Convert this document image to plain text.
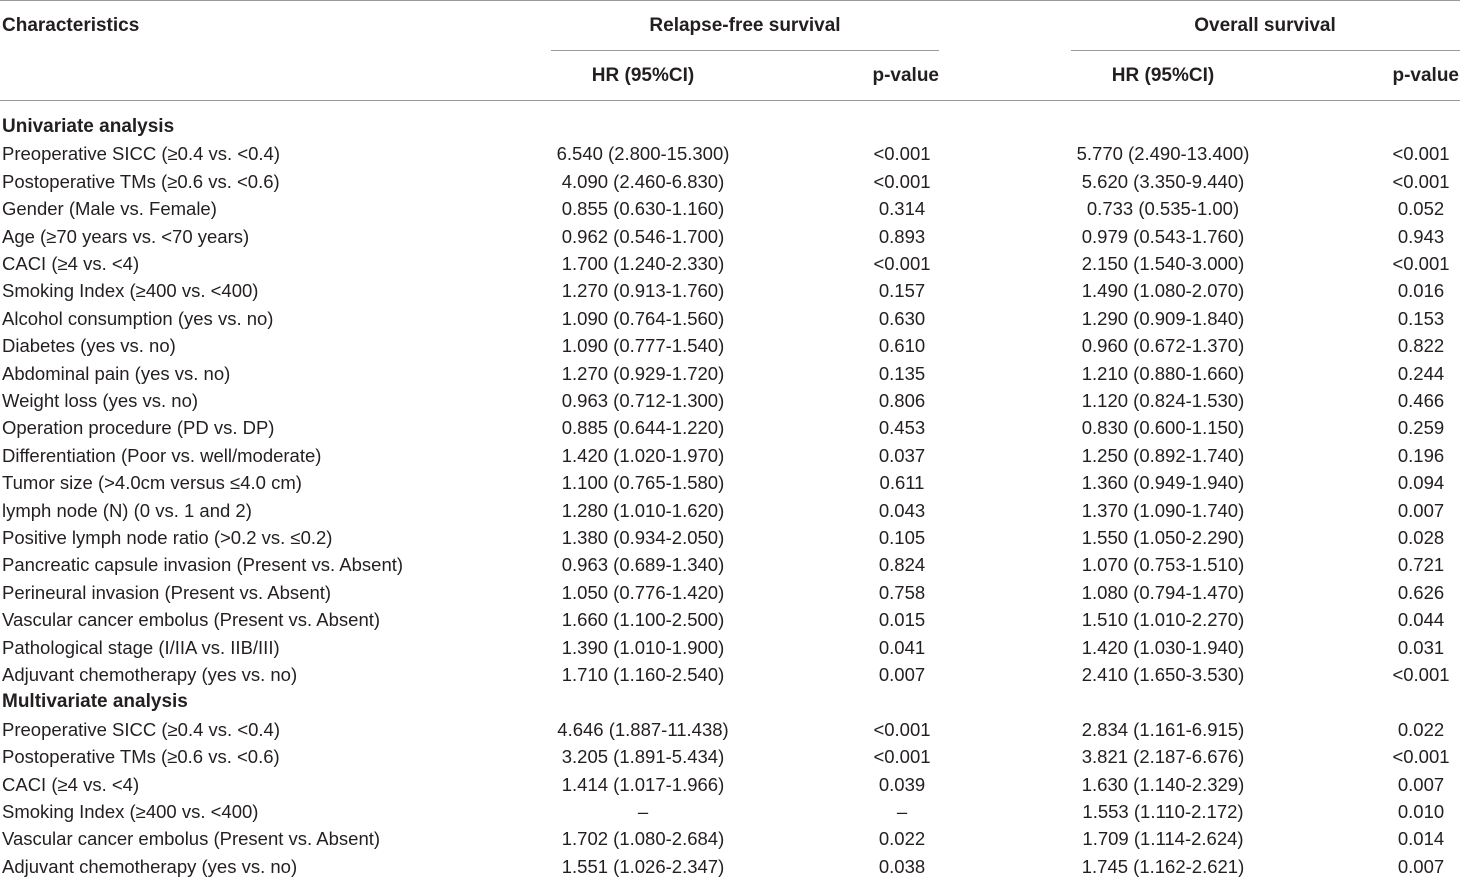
Characteristics	Relapse-free survival	Overall survival
HR (95%CI)	p-value	HR (95%CI)	p-value
Univariate analysis
Preoperative SICC (≥0.4 vs. <0.4)	6.540 (2.800-15.300)	<0.001	5.770 (2.490-13.400)	<0.001
Postoperative TMs (≥0.6 vs. <0.6)	4.090 (2.460-6.830)	<0.001	5.620 (3.350-9.440)	<0.001
Gender (Male vs. Female)	0.855 (0.630-1.160)	0.314	0.733 (0.535-1.00)	0.052
Age (≥70 years vs. <70 years)	0.962 (0.546-1.700)	0.893	0.979 (0.543-1.760)	0.943
CACI (≥4 vs. <4)	1.700 (1.240-2.330)	<0.001	2.150 (1.540-3.000)	<0.001
Smoking Index (≥400 vs. <400)	1.270 (0.913-1.760)	0.157	1.490 (1.080-2.070)	0.016
Alcohol consumption (yes vs. no)	1.090 (0.764-1.560)	0.630	1.290 (0.909-1.840)	0.153
Diabetes (yes vs. no)	1.090 (0.777-1.540)	0.610	0.960 (0.672-1.370)	0.822
Abdominal pain (yes vs. no)	1.270 (0.929-1.720)	0.135	1.210 (0.880-1.660)	0.244
Weight loss (yes vs. no)	0.963 (0.712-1.300)	0.806	1.120 (0.824-1.530)	0.466
Operation procedure (PD vs. DP)	0.885 (0.644-1.220)	0.453	0.830 (0.600-1.150)	0.259
Differentiation (Poor vs. well/moderate)	1.420 (1.020-1.970)	0.037	1.250 (0.892-1.740)	0.196
Tumor size (>4.0cm versus ≤4.0 cm)	1.100 (0.765-1.580)	0.611	1.360 (0.949-1.940)	0.094
lymph node (N) (0 vs. 1 and 2)	1.280 (1.010-1.620)	0.043	1.370 (1.090-1.740)	0.007
Positive lymph node ratio (>0.2 vs. ≤0.2)	1.380 (0.934-2.050)	0.105	1.550 (1.050-2.290)	0.028
Pancreatic capsule invasion (Present vs. Absent)	0.963 (0.689-1.340)	0.824	1.070 (0.753-1.510)	0.721
Perineural invasion (Present vs. Absent)	1.050 (0.776-1.420)	0.758	1.080 (0.794-1.470)	0.626
Vascular cancer embolus (Present vs. Absent)	1.660 (1.100-2.500)	0.015	1.510 (1.010-2.270)	0.044
Pathological stage (I/IIA vs. IIB/III)	1.390 (1.010-1.900)	0.041	1.420 (1.030-1.940)	0.031
Adjuvant chemotherapy (yes vs. no)	1.710 (1.160-2.540)	0.007	2.410 (1.650-3.530)	<0.001
Multivariate analysis
Preoperative SICC (≥0.4 vs. <0.4)	4.646 (1.887-11.438)	<0.001	2.834 (1.161-6.915)	0.022
Postoperative TMs (≥0.6 vs. <0.6)	3.205 (1.891-5.434)	<0.001	3.821 (2.187-6.676)	<0.001
CACI (≥4 vs. <4)	1.414 (1.017-1.966)	0.039	1.630 (1.140-2.329)	0.007
Smoking Index (≥400 vs. <400)	–	–	1.553 (1.110-2.172)	0.010
Vascular cancer embolus (Present vs. Absent)	1.702 (1.080-2.684)	0.022	1.709 (1.114-2.624)	0.014
Adjuvant chemotherapy (yes vs. no)	1.551 (1.026-2.347)	0.038	1.745 (1.162-2.621)	0.007
